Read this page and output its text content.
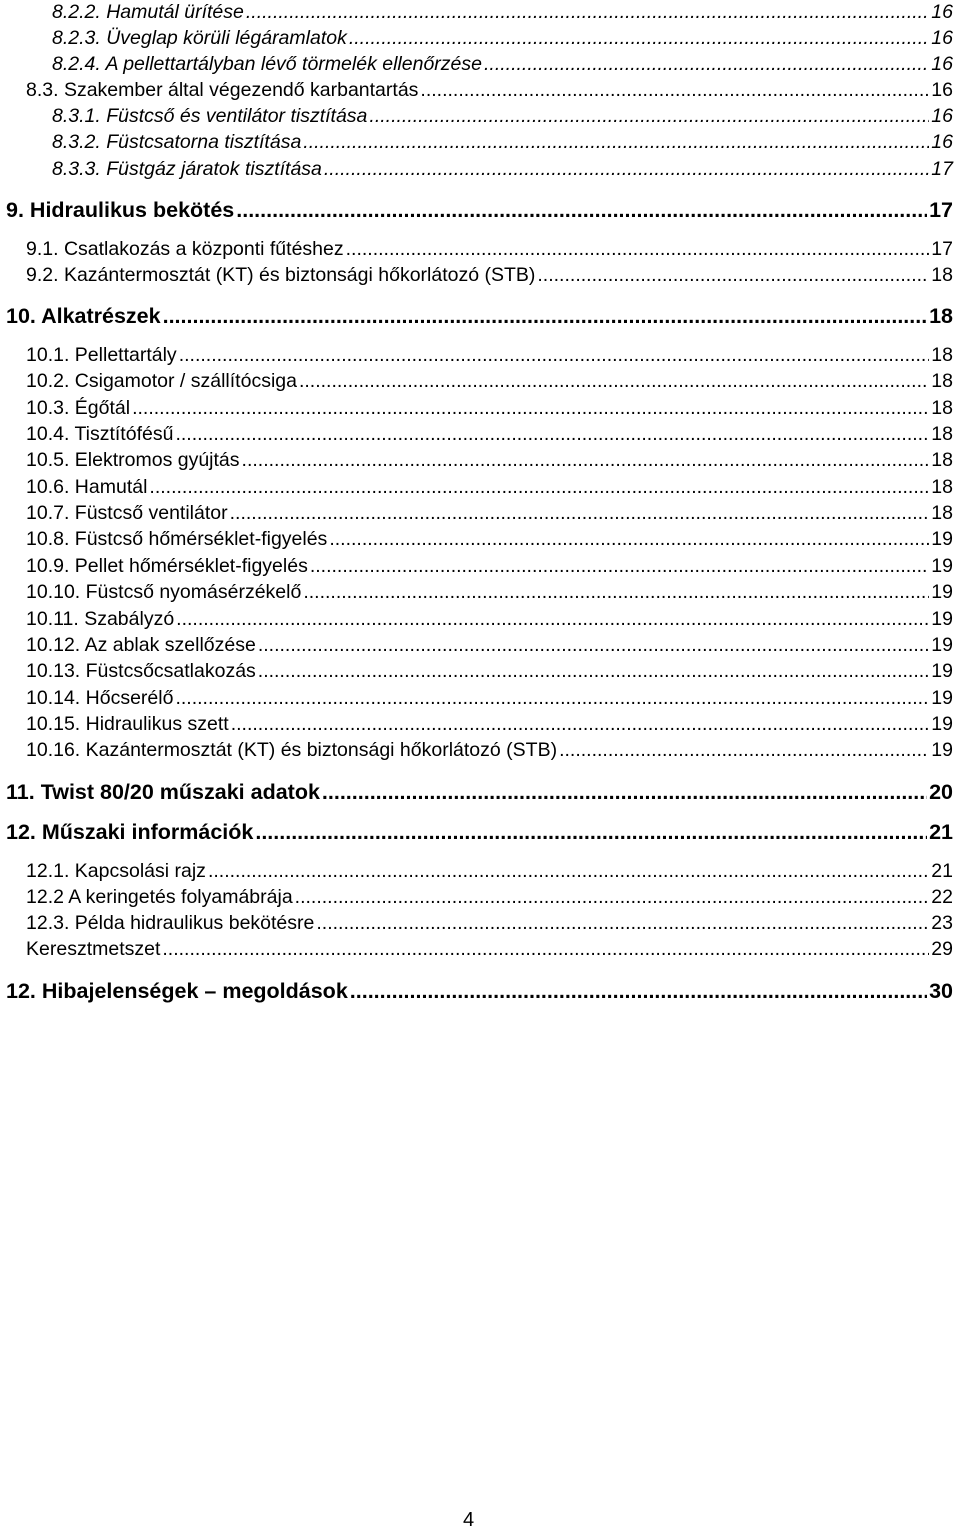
8.2.2. Hamutál ürítése .....	16
8.2.3. Üveglap körüli légáramlatok .....	16
8.2.4. A pellettartályban lévő törmelék ellenőrzése .....	16
8.3. Szakember által végezendő karbantartás .....	16
8.3.1. Füstcső és ventilátor tisztítása .....	16
8.3.2. Füstcsatorna tisztítása .....	16
8.3.3. Füstgáz járatok tisztítása .....	17
9. Hidraulikus bekötés .....	17
9.1. Csatlakozás a központi fűtéshez .....	17
9.2. Kazántermosztát (KT) és biztonsági hőkorlátozó (STB) .....	18
10. Alkatrészek .....	18
10.1. Pellettartály .....	18
10.2. Csigamotor / szállítócsiga .....	18
10.3. Égőtál .....	18
10.4. Tisztítófésű .....	18
10.5. Elektromos gyújtás .....	18
10.6. Hamutál .....	18
10.7. Füstcső ventilátor .....	18
10.8. Füstcső hőmérséklet-figyelés .....	19
10.9. Pellet hőmérséklet-figyelés .....	19
10.10. Füstcső nyomásérzékelő .....	19
10.11. Szabályzó .....	19
10.12. Az ablak szellőzése .....	19
10.13. Füstcsőcsatlakozás .....	19
10.14. Hőcserélő .....	19
10.15. Hidraulikus szett .....	19
10.16. Kazántermosztát (KT) és biztonsági hőkorlátozó (STB) .....	19
11. Twist 80/20 műszaki adatok .....	20
12. Műszaki információk .....	21
12.1. Kapcsolási rajz .....	21
12.2 A keringetés folyamábrája .....	22
12.3. Példa hidraulikus bekötésre .....	23
Keresztmetszet .....	29
12. Hibajelenségek – megoldások .....	30
4
